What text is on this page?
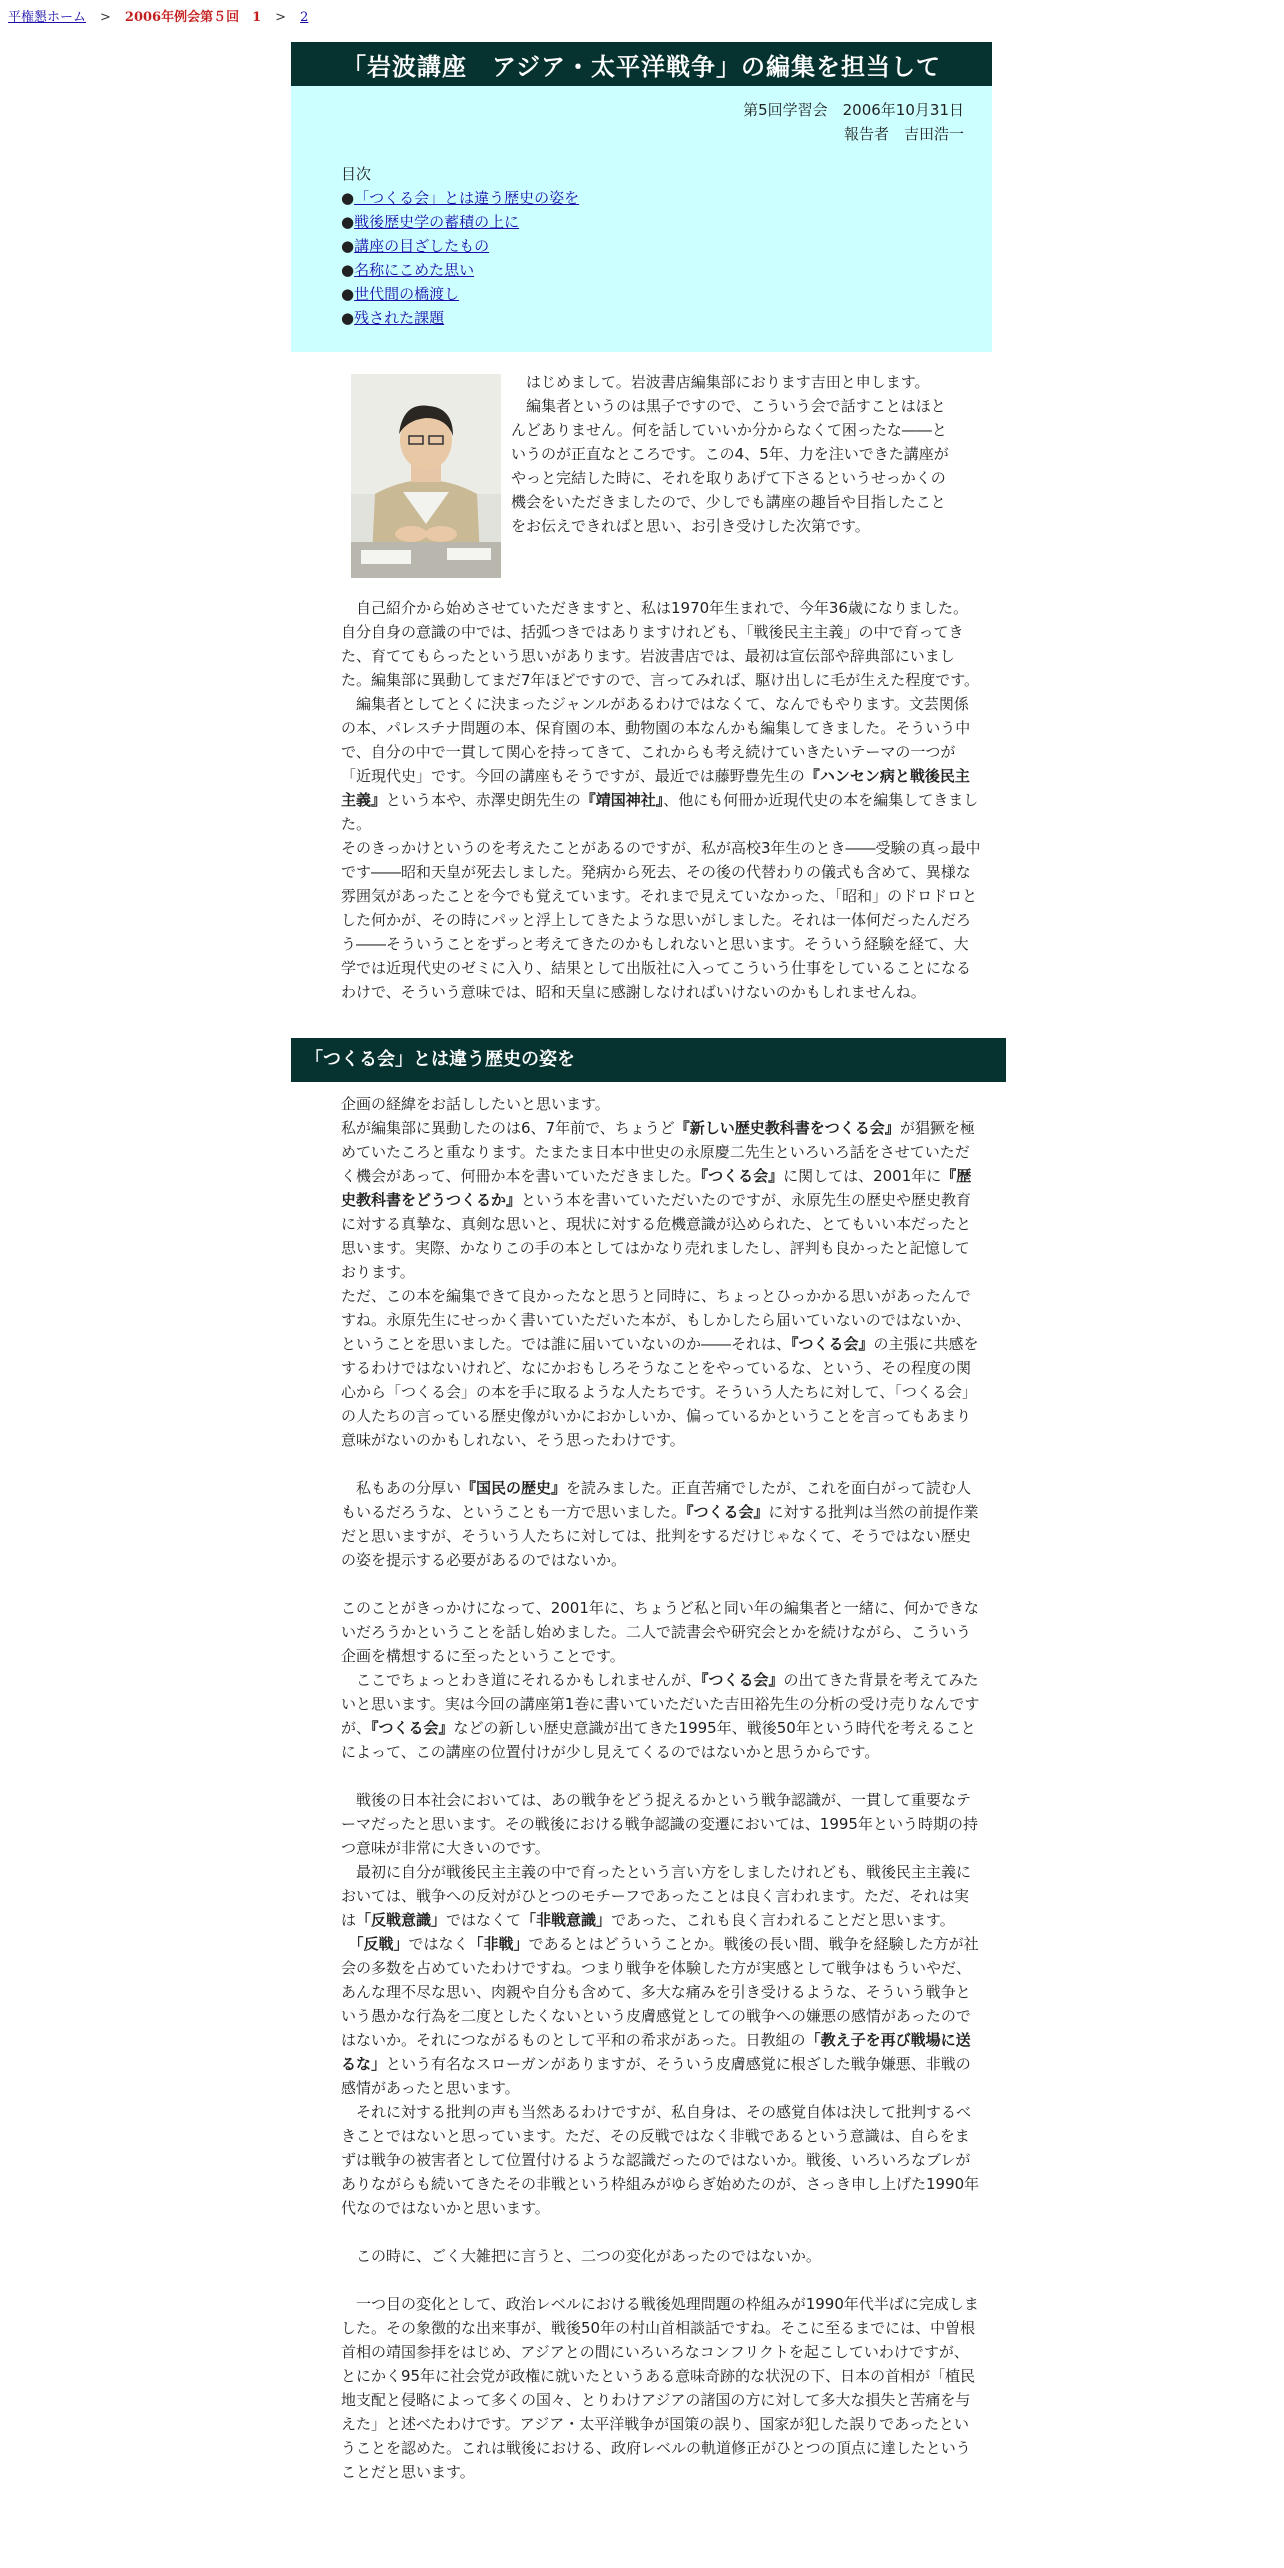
平権懇ホーム > 2006年例会第５回　 1 > 2
「岩波講座　アジア・太平洋戦争」の編集を担当して
第5回学習会　2006年10月31日
報告者　吉田浩一
目次
●「つくる会」とは違う歴史の姿を
●戦後歴史学の蓄積の上に
●講座の目ざしたもの
●名称にこめた思い
●世代間の橋渡し
●残された課題
　はじめまして。岩波書店編集部におります吉田と申します。
　編集者というのは黒子ですので、こういう会で話すことはほとんどありません。何を話していいか分からなくて困ったな――というのが正直なところです。この4、5年、力を注いできた講座がやっと完結した時に、それを取りあげて下さるというせっかくの機会をいただきましたので、少しでも講座の趣旨や目指したことをお伝えできればと思い、お引き受けした次第です。

　自己紹介から始めさせていただきますと、私は1970年生まれで、今年36歳になりました。自分自身の意識の中では、括弧つきではありますけれども、「戦後民主主義」の中で育ってきた、育ててもらったという思いがあります。岩波書店では、最初は宣伝部や辞典部にいました。編集部に異動してまだ7年ほどですので、言ってみれば、駆け出しに毛が生えた程度です。

　編集者としてとくに決まったジャンルがあるわけではなくて、なんでもやります。文芸関係の本、パレスチナ問題の本、保育園の本、動物園の本なんかも編集してきました。そういう中で、自分の中で一貫して関心を持ってきて、これからも考え続けていきたいテーマの一つが「近現代史」です。今回の講座もそうですが、最近では藤野豊先生の『ハンセン病と戦後民主主義』という本や、赤澤史朗先生の『靖国神社』、他にも何冊か近現代史の本を編集してきました。

そのきっかけというのを考えたことがあるのですが、私が高校3年生のとき――受験の真っ最中です――昭和天皇が死去しました。発病から死去、その後の代替わりの儀式も含めて、異様な雰囲気があったことを今でも覚えています。それまで見えていなかった、「昭和」のドロドロとした何かが、その時にパッと浮上してきたような思いがしました。それは一体何だったんだろう――そういうことをずっと考えてきたのかもしれないと思います。そういう経験を経て、大学では近現代史のゼミに入り、結果として出版社に入ってこういう仕事をしていることになるわけで、そういう意味では、昭和天皇に感謝しなければいけないのかもしれませんね。

「つくる会」とは違う歴史の姿を

企画の経緯をお話ししたいと思います。

私が編集部に異動したのは6、7年前で、ちょうど『新しい歴史教科書をつくる会』が猖獗を極めていたころと重なります。たまたま日本中世史の永原慶二先生といろいろ話をさせていただく機会があって、何冊か本を書いていただきました。『つくる会』に関しては、2001年に『歴史教科書をどうつくるか』という本を書いていただいたのですが、永原先生の歴史や歴史教育に対する真摯な、真剣な思いと、現状に対する危機意識が込められた、とてもいい本だったと思います。実際、かなりこの手の本としてはかなり売れましたし、評判も良かったと記憶しております。

ただ、この本を編集できて良かったなと思うと同時に、ちょっとひっかかる思いがあったんですね。永原先生にせっかく書いていただいた本が、もしかしたら届いていないのではないか、ということを思いました。では誰に届いていないのか――それは、『つくる会』の主張に共感をするわけではないけれど、なにかおもしろそうなことをやっているな、という、その程度の関心から「つくる会」の本を手に取るような人たちです。そういう人たちに対して、「つくる会」の人たちの言っている歴史像がいかにおかしいか、偏っているかということを言ってもあまり意味がないのかもしれない、そう思ったわけです。

　私もあの分厚い『国民の歴史』を読みました。正直苦痛でしたが、これを面白がって読む人もいるだろうな、ということも一方で思いました。『つくる会』に対する批判は当然の前提作業だと思いますが、そういう人たちに対しては、批判をするだけじゃなくて、そうではない歴史の姿を提示する必要があるのではないか。

このことがきっかけになって、2001年に、ちょうど私と同い年の編集者と一緒に、何かできないだろうかということを話し始めました。二人で読書会や研究会とかを続けながら、こういう企画を構想するに至ったということです。

　ここでちょっとわき道にそれるかもしれませんが、『つくる会』の出てきた背景を考えてみたいと思います。実は今回の講座第1巻に書いていただいた吉田裕先生の分析の受け売りなんですが、『つくる会』などの新しい歴史意識が出てきた1995年、戦後50年という時代を考えることによって、この講座の位置付けが少し見えてくるのではないかと思うからです。

　戦後の日本社会においては、あの戦争をどう捉えるかという戦争認識が、一貫して重要なテーマだったと思います。その戦後における戦争認識の変遷においては、1995年という時期の持つ意味が非常に大きいのです。

　最初に自分が戦後民主主義の中で育ったという言い方をしましたけれども、戦後民主主義においては、戦争への反対がひとつのモチーフであったことは良く言われます。ただ、それは実は「反戦意識」ではなくて「非戦意識」であった、これも良く言われることだと思います。

　「反戦」ではなく「非戦」であるとはどういうことか。戦後の長い間、戦争を経験した方が社会の多数を占めていたわけですね。つまり戦争を体験した方が実感として戦争はもういやだ、あんな理不尽な思い、肉親や自分も含めて、多大な痛みを引き受けるような、そういう戦争という愚かな行為を二度としたくないという皮膚感覚としての戦争への嫌悪の感情があったのではないか。それにつながるものとして平和の希求があった。日教組の「教え子を再び戦場に送るな」という有名なスローガンがありますが、そういう皮膚感覚に根ざした戦争嫌悪、非戦の感情があったと思います。

　それに対する批判の声も当然あるわけですが、私自身は、その感覚自体は決して批判するべきことではないと思っています。ただ、その反戦ではなく非戦であるという意識は、自らをまずは戦争の被害者として位置付けるような認識だったのではないか。戦後、いろいろなブレがありながらも続いてきたその非戦という枠組みがゆらぎ始めたのが、さっき申し上げた1990年代なのではないかと思います。

　この時に、ごく大雑把に言うと、二つの変化があったのではないか。

　一つ目の変化として、政治レベルにおける戦後処理問題の枠組みが1990年代半ばに完成しました。その象徴的な出来事が、戦後50年の村山首相談話ですね。そこに至るまでには、中曽根首相の靖国参拝をはじめ、アジアとの間にいろいろなコンフリクトを起こしていわけですが、とにかく95年に社会党が政権に就いたというある意味奇跡的な状況の下、日本の首相が「植民地支配と侵略によって多くの国々、とりわけアジアの諸国の方に対して多大な損失と苦痛を与えた」と述べたわけです。アジア・太平洋戦争が国策の誤り、国家が犯した誤りであったということを認めた。これは戦後における、政府レベルの軌道修正がひとつの頂点に達したということだと思います。
